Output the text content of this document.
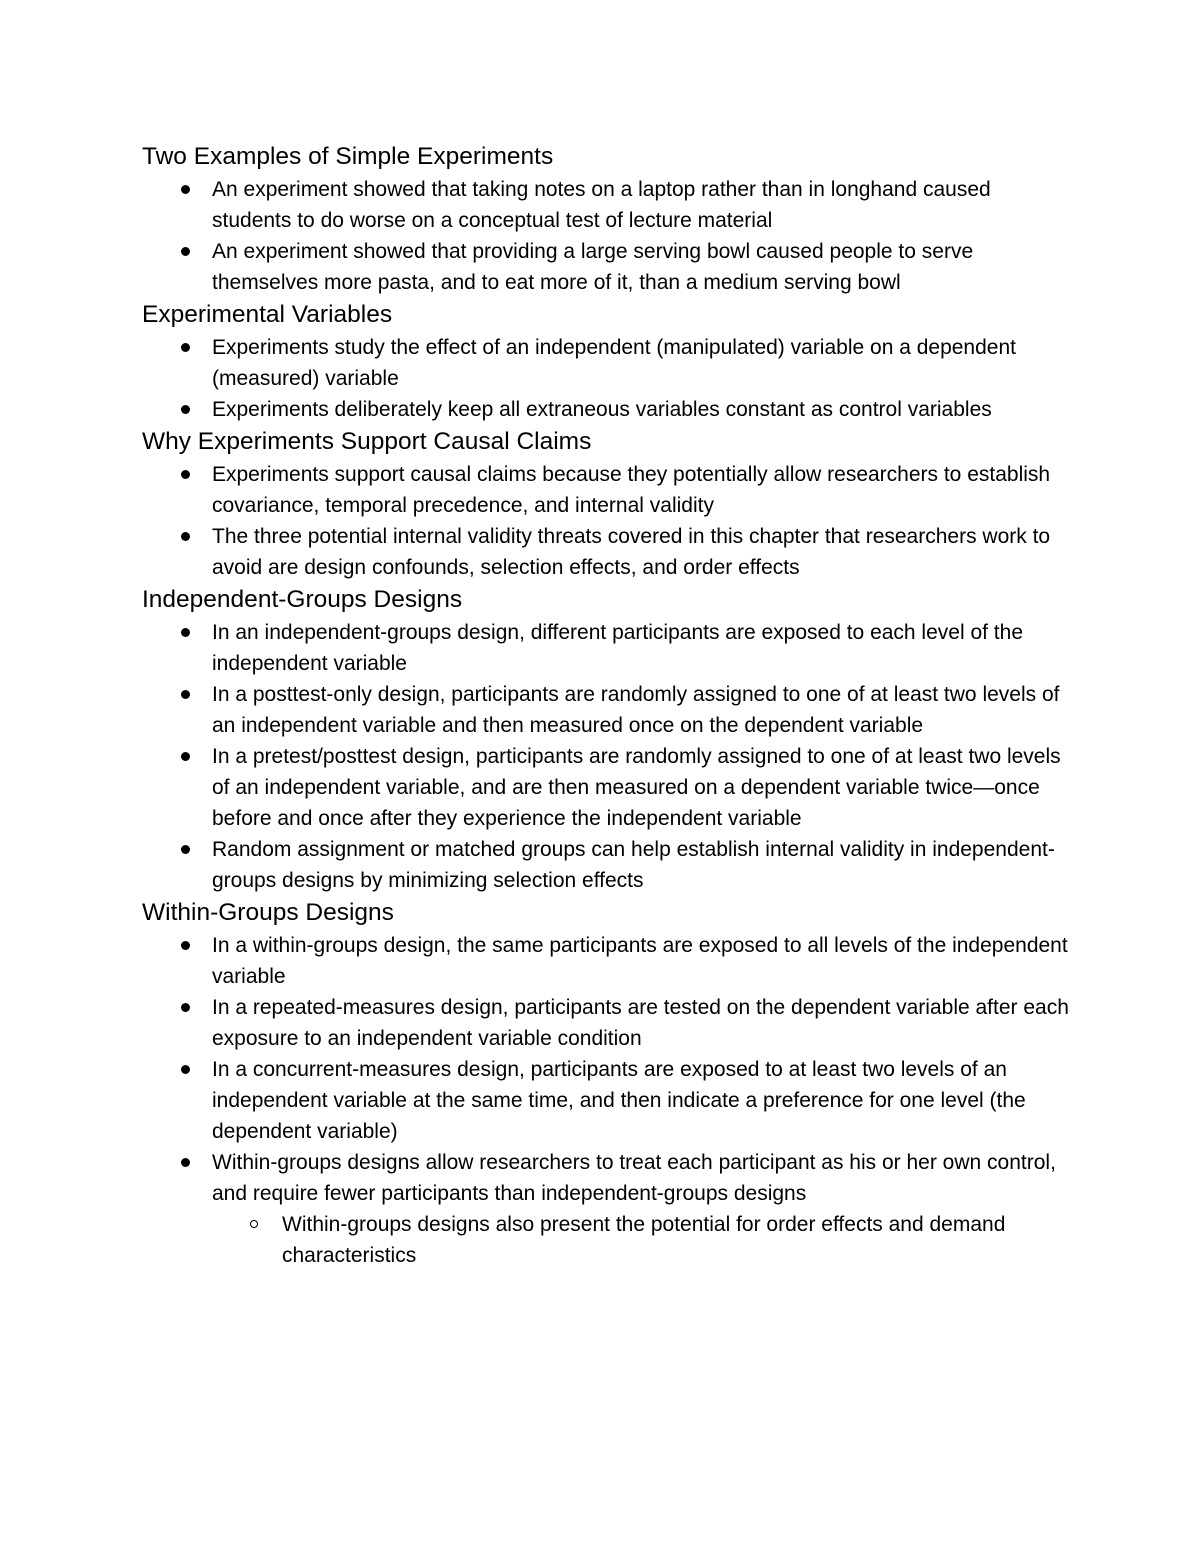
Two Examples of Simple Experiments
An experiment showed that taking notes on a laptop rather than in longhand caused students to do worse on a conceptual test of lecture material
An experiment showed that providing a large serving bowl caused people to serve themselves more pasta, and to eat more of it, than a medium serving bowl
Experimental Variables
Experiments study the effect of an independent (manipulated) variable on a dependent (measured) variable
Experiments deliberately keep all extraneous variables constant as control variables
Why Experiments Support Causal Claims
Experiments support causal claims because they potentially allow researchers to establish covariance, temporal precedence, and internal validity
The three potential internal validity threats covered in this chapter that researchers work to avoid are design confounds, selection effects, and order effects
Independent-Groups Designs
In an independent-groups design, different participants are exposed to each level of the independent variable
In a posttest-only design, participants are randomly assigned to one of at least two levels of an independent variable and then measured once on the dependent variable
In a pretest/posttest design, participants are randomly assigned to one of at least two levels of an independent variable, and are then measured on a dependent variable twice—once before and once after they experience the independent variable
Random assignment or matched groups can help establish internal validity in independent-groups designs by minimizing selection effects
Within-Groups Designs
In a within-groups design, the same participants are exposed to all levels of the independent variable
In a repeated-measures design, participants are tested on the dependent variable after each exposure to an independent variable condition
In a concurrent-measures design, participants are exposed to at least two levels of an independent variable at the same time, and then indicate a preference for one level (the dependent variable)
Within-groups designs allow researchers to treat each participant as his or her own control, and require fewer participants than independent-groups designs
Within-groups designs also present the potential for order effects and demand characteristics
